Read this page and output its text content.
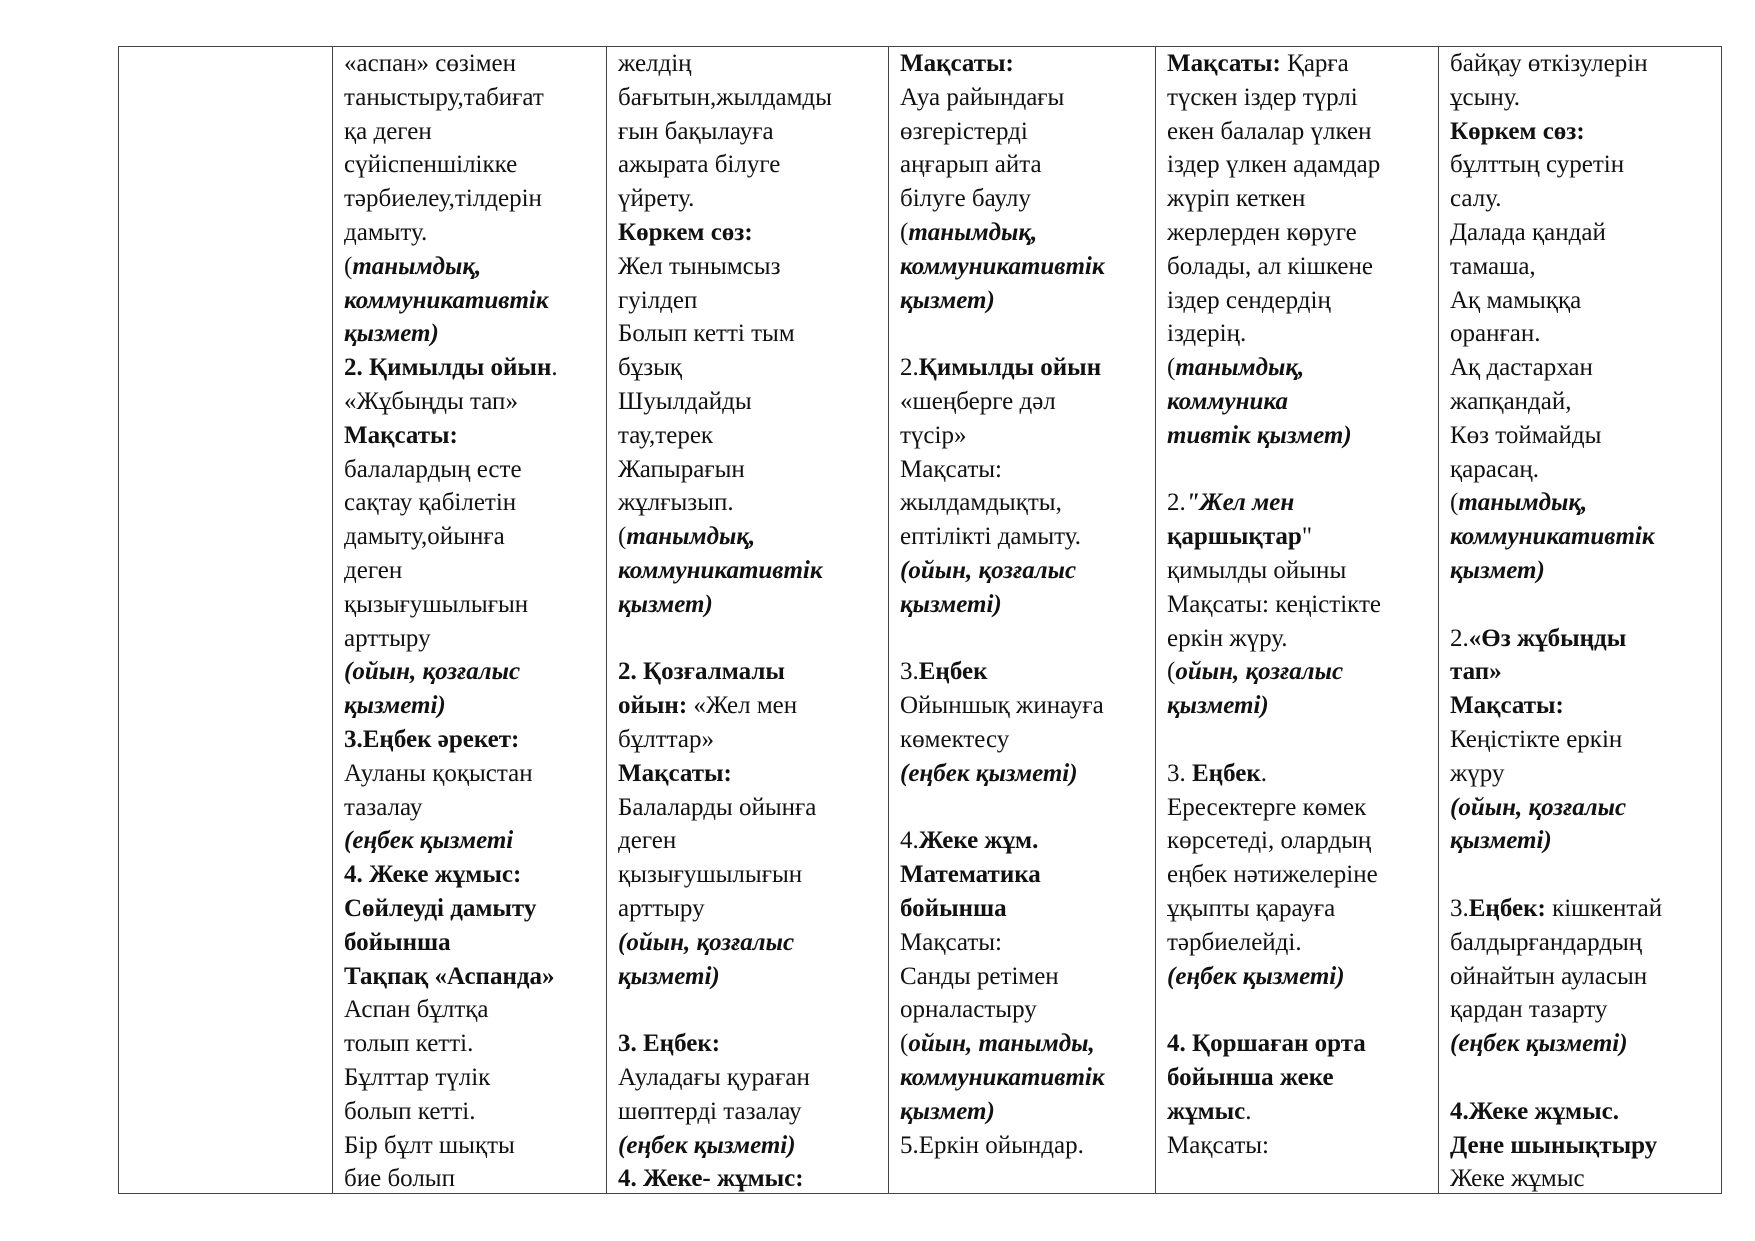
«аспан» сөзімен
таныстыру,табиғат
қа деген
сүйіспеншілікке
тәрбиелеу,тілдерін
дамыту.
(танымдық,
коммуникативтік
қызмет)
2. Қимылды ойын.
«Жұбыңды тап»
Мақсаты:
балалардың есте
сақтау қабілетін
дамыту,ойынға
деген
қызығушылығын
арттыру
(ойын, қозғалыс
қызметі)
3.Еңбек әрекет:
Ауланы қоқыстан
тазалау
(еңбек қызметі
4. Жеке жұмыс:
Сөйлеуді дамыту
бойынша
Тақпақ «Аспанда»
Аспан бұлтқа
толып кетті.
Бұлттар түлік
болып кетті.
Бір бұлт шықты
бие болып
желдің
бағытын,жылдамды
ғын бақылауға
ажырата білуге
үйрету.
Көркем сөз:
Жел тынымсыз
гуілдеп
Болып кетті тым
бұзық
Шуылдайды
тау,терек
Жапырағын
жұлғызып.
(танымдық,
коммуникативтік
қызмет)
2. Қозғалмалы
ойын: «Жел мен
бұлттар»
Мақсаты:
Балаларды ойынға
деген
қызығушылығын
арттыру
(ойын, қозғалыс
қызметі)
3. Еңбек:
Ауладағы қураған
шөптерді тазалау
(еңбек қызметі)
4. Жеке- жұмыс:
Мақсаты:
Ауа райындағы
өзгерістерді
аңғарып айта
білуге баулу
(танымдық,
коммуникативтік
қызмет)
2.Қимылды ойын
«шеңберге дәл
түсір»
Мақсаты:
жылдамдықты,
ептілікті дамыту.
(ойын, қозғалыс
қызметі)
3.Еңбек
Ойыншық жинауға
көмектесу
(еңбек қызметі)
4.Жеке жұм.
Математика
бойынша
Мақсаты:
Санды ретімен
орналастыру
(ойын, танымды,
коммуникативтік
қызмет)
5.Еркін ойындар.
Мақсаты: Қарға
түскен іздер түрлі
екен балалар үлкен
іздер үлкен адамдар
жүріп кеткен
жерлерден көруге
болады, ал кішкене
іздер сендердің
іздерің.
(танымдық,
коммуника
тивтік қызмет)
2."Жел мен
қаршықтар"
қимылды ойыны
Мақсаты: кеңістікте
еркін жүру.
(ойын, қозғалыс
қызметі)
3. Еңбек.
Ересектерге көмек
көрсетеді, олардың
еңбек нәтижелеріне
ұқыпты қарауға
тәрбиелейді.
(еңбек қызметі)
4. Қоршаған орта
бойынша жеке
жұмыс.
Мақсаты:
байқау өткізулерін
ұсыну.
Көркем сөз:
бұлттың суретін
салу.
Далада қандай
тамаша,
Ақ мамыққа
оранған.
Ақ дастархан
жапқандай,
Көз тоймайды
қарасаң.
(танымдық,
коммуникативтік
қызмет)
2.«Өз жұбыңды
тап»
Мақсаты:
Кеңістікте еркін
жүру
(ойын, қозғалыс
қызметі)
3.Еңбек: кішкентай
балдырғандардың
ойнайтын ауласын
қардан тазарту
(еңбек қызметі)
4.Жеке жұмыс.
Дене шынықтыру
Жеке жұмыс
